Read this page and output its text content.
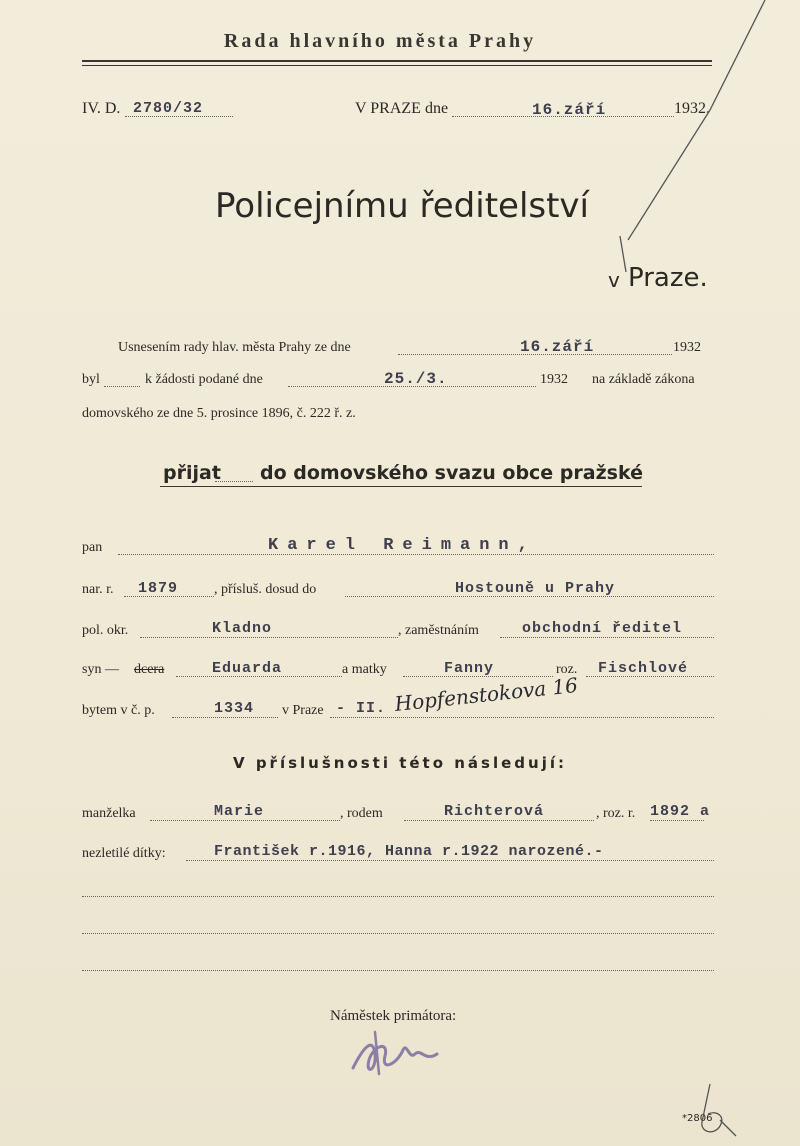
Rada hlavního města Prahy
IV. D. 2780/32	V PRAZE dne	16.září	1932.
Policejnímu ředitelství
v Praze.
Usnesením rady hlav. města Prahy ze dne	16.září	1932
byl	k žádosti podané dne	25./3.	1932 na základě zákona
domovského ze dne 5. prosince 1896, č. 222 ř. z.
přijat do domovského svazu obce pražské
pan	Karel Reimann,
nar. r. 1879	, přísluš. dosud do	Hostouně u Prahy
pol. okr.	Kladno	, zaměstnáním	obchodní ředitel
syn — dcera	Eduarda	a matky	Fanny	roz. Fischlové
bytem v č. p.	1334 v Praze - II. Hopfenstokova 16
V příslušnosti této následují:
manželka	Marie	, rodem	Richterová	, roz. r. 1892 a
nezletilé dítky:	František r.1916, Hanna r.1922 narozené.-
Náměstek primátora:
*2806
